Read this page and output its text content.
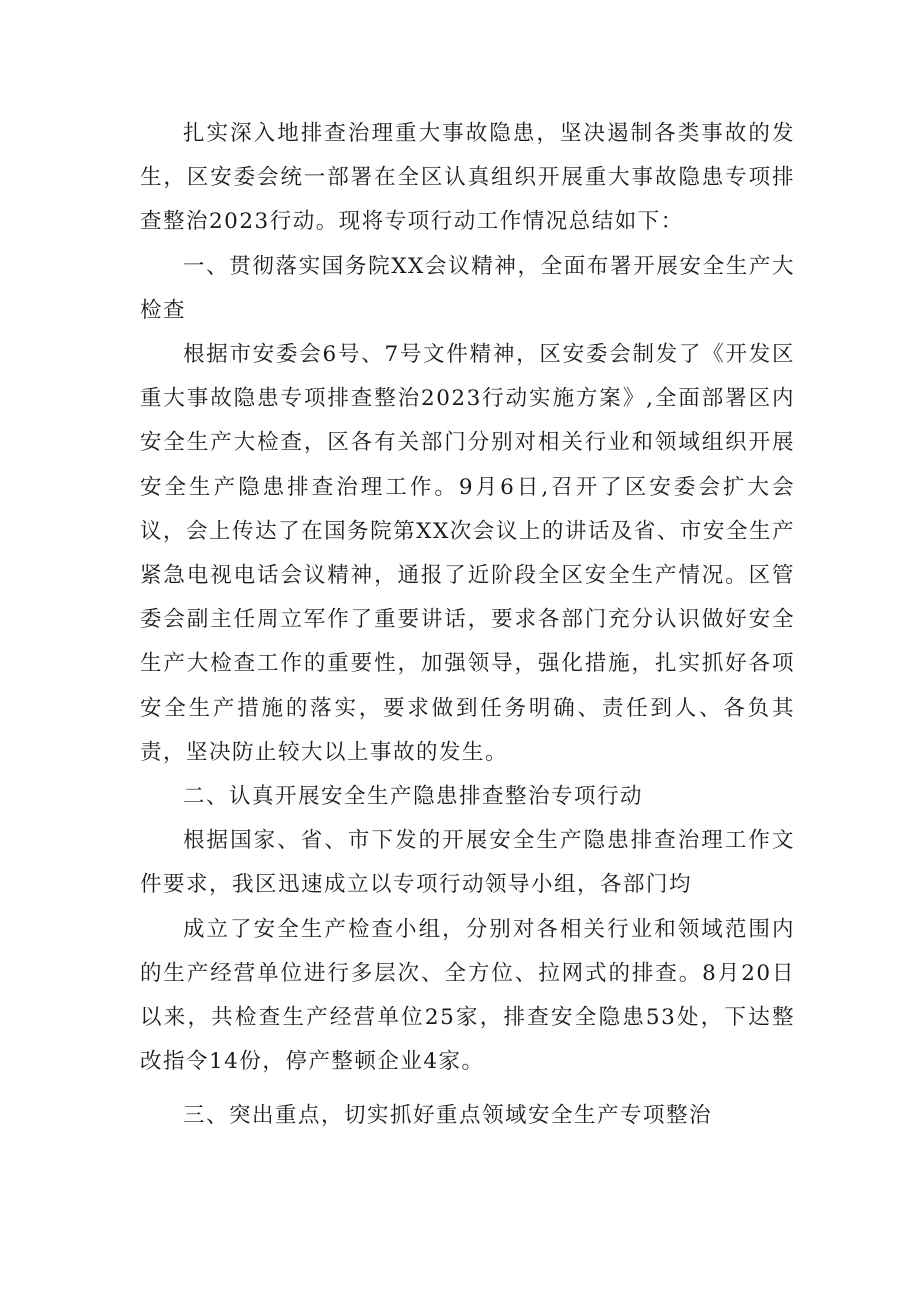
扎实深入地排查治理重大事故隐患，坚决遏制各类事故的发生，区安委会统一部署在全区认真组织开展重大事故隐患专项排查整治2023行动。现将专项行动工作情况总结如下：

一、贯彻落实国务院XX会议精神，全面布署开展安全生产大检查

根据市安委会6号、7号文件精神，区安委会制发了《开发区重大事故隐患专项排查整治2023行动实施方案》,全面部署区内安全生产大检查，区各有关部门分别对相关行业和领域组织开展安全生产隐患排查治理工作。9月6日,召开了区安委会扩大会议，会上传达了在国务院第XX次会议上的讲话及省、市安全生产紧急电视电话会议精神，通报了近阶段全区安全生产情况。区管委会副主任周立军作了重要讲话，要求各部门充分认识做好安全生产大检查工作的重要性，加强领导，强化措施，扎实抓好各项安全生产措施的落实，要求做到任务明确、责任到人、各负其责，坚决防止较大以上事故的发生。

二、认真开展安全生产隐患排查整治专项行动

根据国家、省、市下发的开展安全生产隐患排查治理工作文件要求，我区迅速成立以专项行动领导小组，各部门均

成立了安全生产检查小组，分别对各相关行业和领域范围内的生产经营单位进行多层次、全方位、拉网式的排查。8月20日以来，共检查生产经营单位25家，排查安全隐患53处，下达整改指令14份，停产整顿企业4家。

三、突出重点，切实抓好重点领域安全生产专项整治
